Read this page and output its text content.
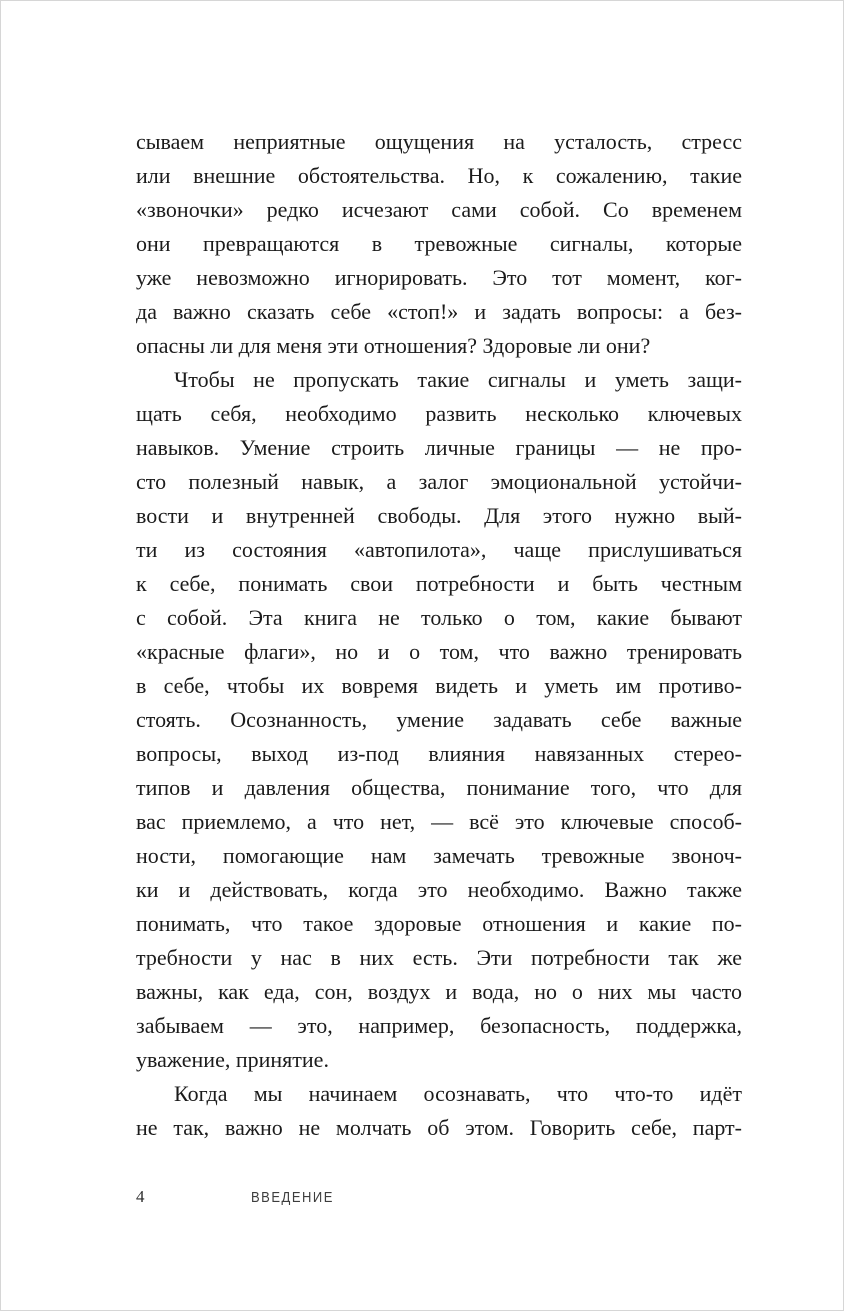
сываем неприятные ощущения на усталость, стресс
или внешние обстоятельства. Но, к сожалению, такие
«звоночки» редко исчезают сами собой. Со временем
они превращаются в тревожные сигналы, которые
уже невозможно игнорировать. Это тот момент, ког-
да важно сказать себе «стоп!» и задать вопросы: а без-
опасны ли для меня эти отношения? Здоровые ли они?

Чтобы не пропускать такие сигналы и уметь защи-
щать себя, необходимо развить несколько ключевых
навыков. Умение строить личные границы — не про-
сто полезный навык, а залог эмоциональной устойчи-
вости и внутренней свободы. Для этого нужно вый-
ти из состояния «автопилота», чаще прислушиваться
к себе, понимать свои потребности и быть честным
с собой. Эта книга не только о том, какие бывают
«красные флаги», но и о том, что важно тренировать
в себе, чтобы их вовремя видеть и уметь им противо-
стоять. Осознанность, умение задавать себе важные
вопросы, выход из-под влияния навязанных стерео-
типов и давления общества, понимание того, что для
вас приемлемо, а что нет, — всё это ключевые способ-
ности, помогающие нам замечать тревожные звоноч-
ки и действовать, когда это необходимо. Важно также
понимать, что такое здоровые отношения и какие по-
требности у нас в них есть. Эти потребности так же
важны, как еда, сон, воздух и вода, но о них мы часто
забываем — это, например, безопасность, поддержка,
уважение, принятие.

Когда мы начинаем осознавать, что что-то идёт
не так, важно не молчать об этом. Говорить себе, парт-

4	ВВЕДЕНИЕ
